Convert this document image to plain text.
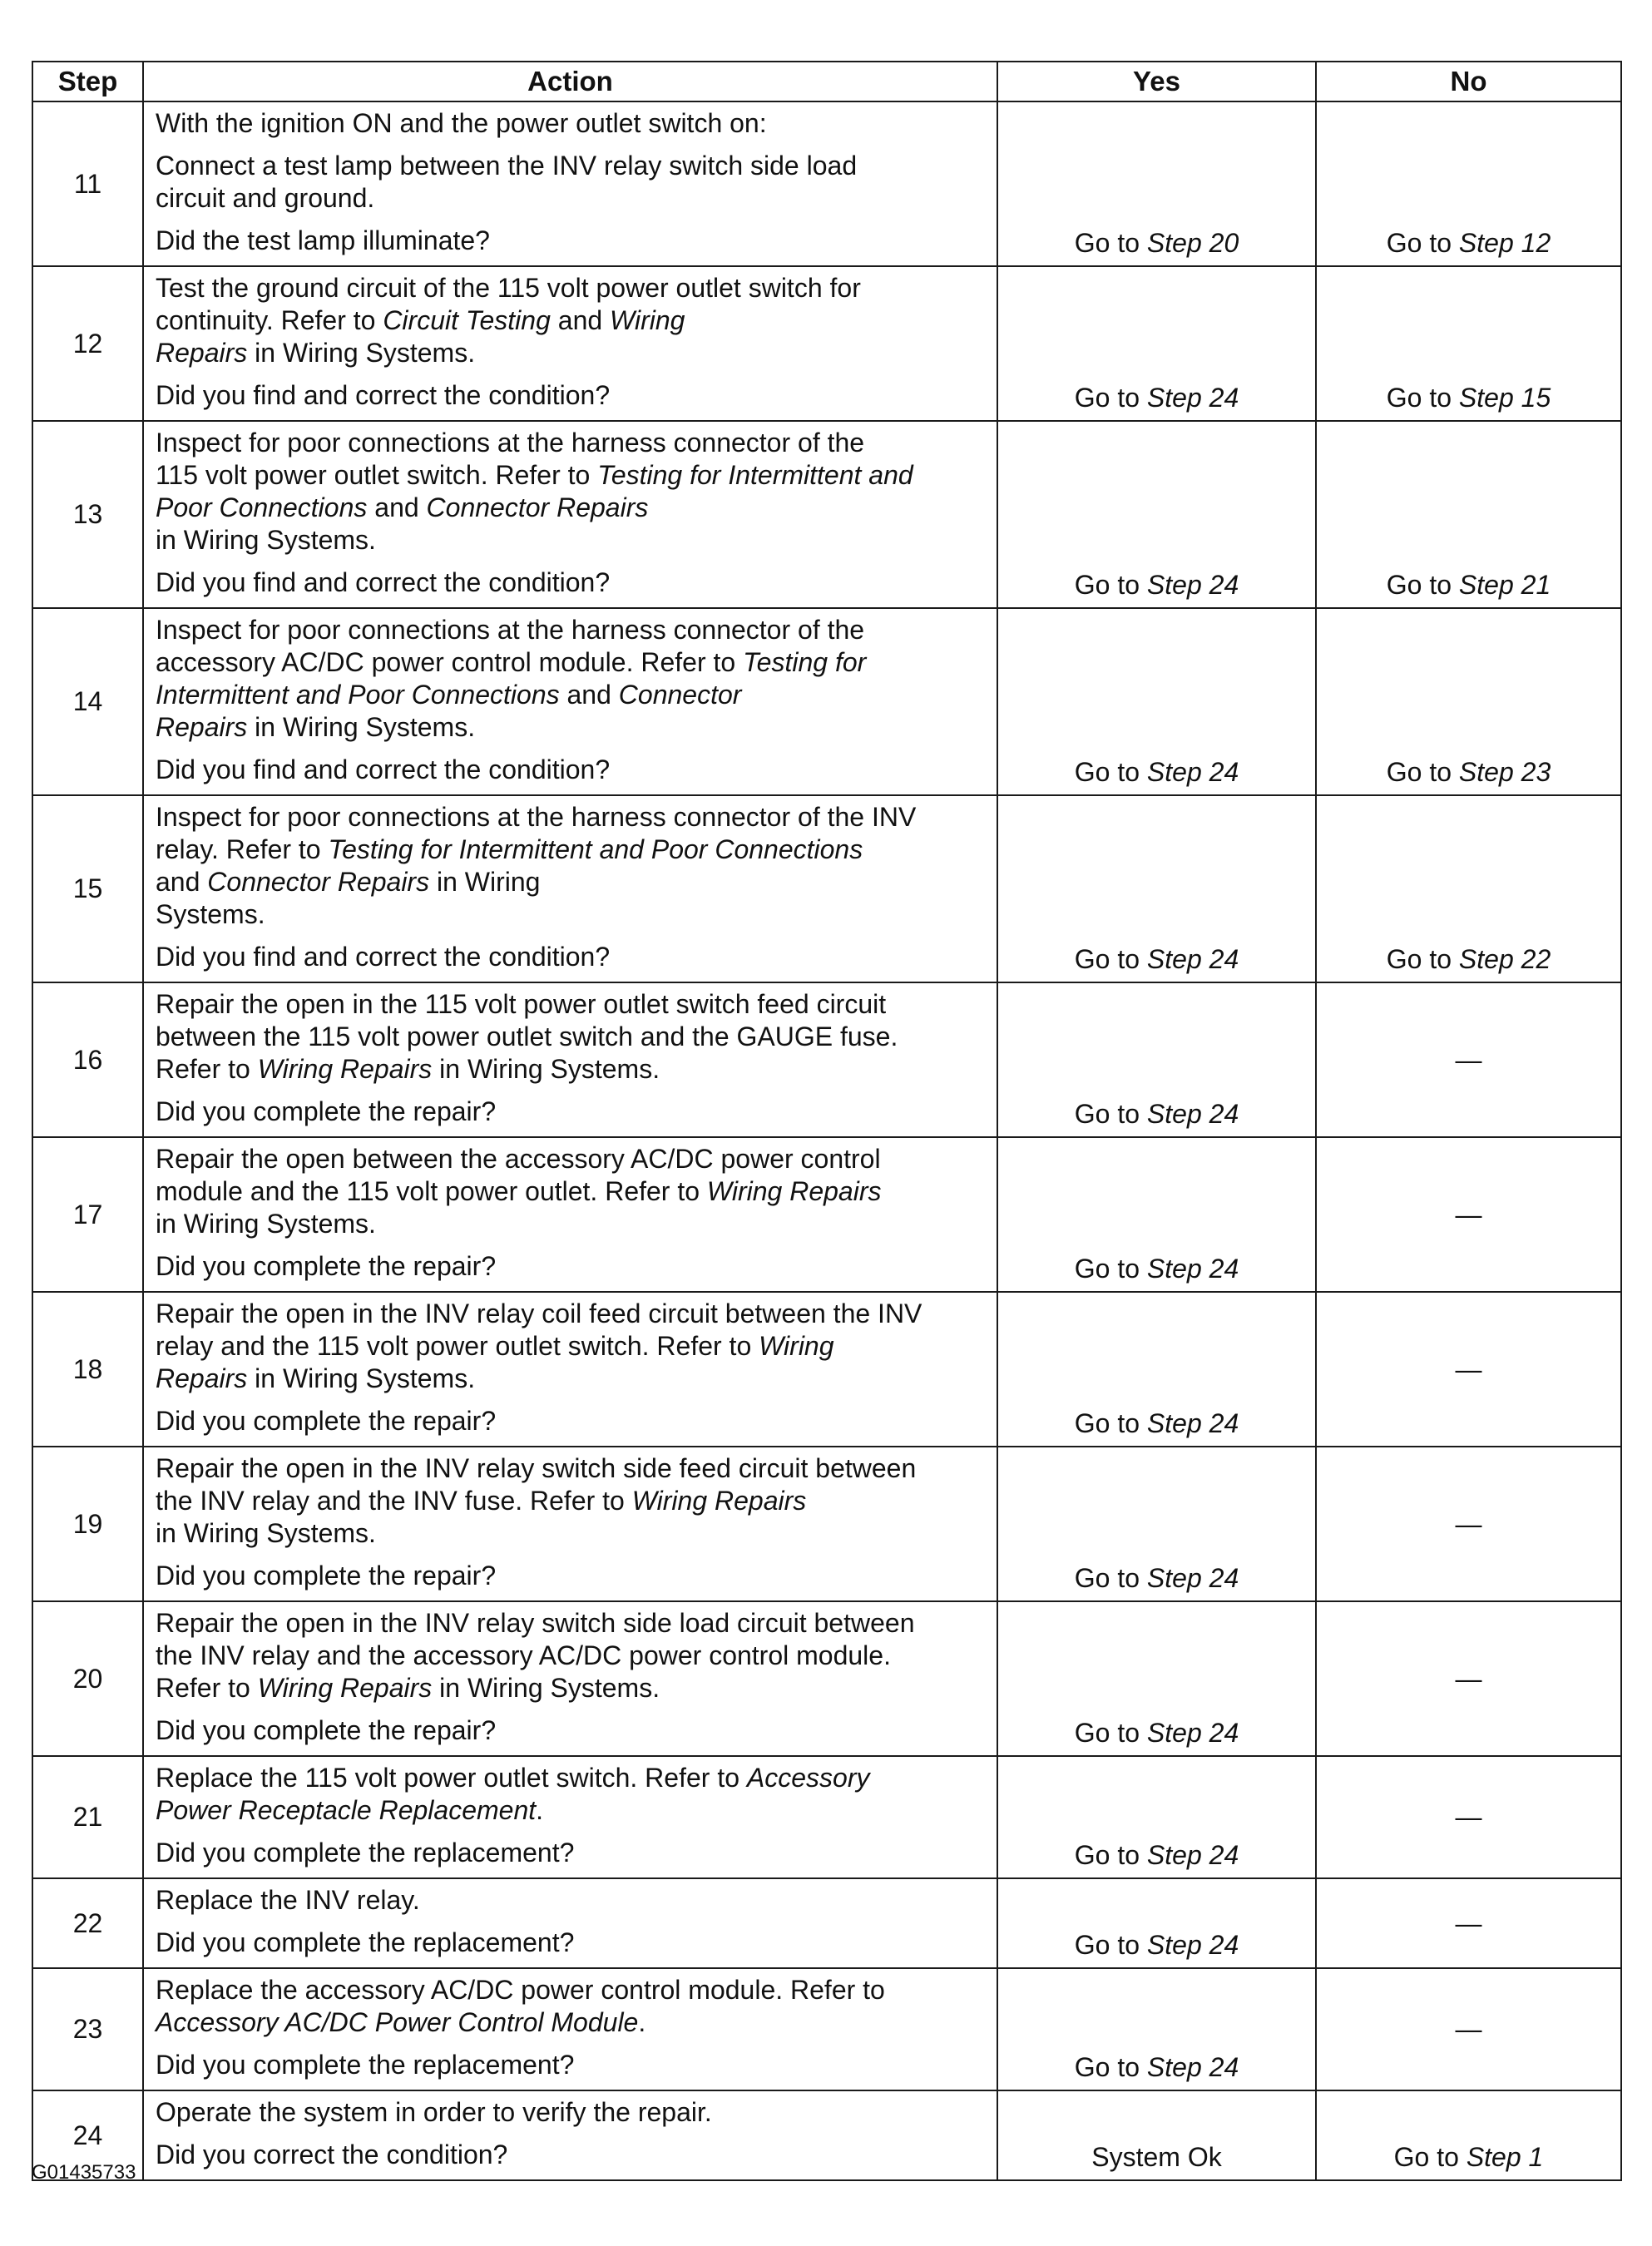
Step	Action	Yes	No
11	With the ignition ON and the power outlet switch on:
Connect a test lamp between the INV relay switch side load
circuit and ground.
Did the test lamp illuminate?	Go to Step 20	Go to Step 12
12	Test the ground circuit of the 115 volt power outlet switch for
continuity. Refer to Circuit Testing and Wiring
Repairs in Wiring Systems.
Did you find and correct the condition?	Go to Step 24	Go to Step 15
13	Inspect for poor connections at the harness connector of the
115 volt power outlet switch. Refer to Testing for Intermittent and
Poor Connections and Connector Repairs
in Wiring Systems.
Did you find and correct the condition?	Go to Step 24	Go to Step 21
14	Inspect for poor connections at the harness connector of the
accessory AC/DC power control module. Refer to Testing for
Intermittent and Poor Connections and Connector
Repairs in Wiring Systems.
Did you find and correct the condition?	Go to Step 24	Go to Step 23
15	Inspect for poor connections at the harness connector of the INV
relay. Refer to Testing for Intermittent and Poor Connections
and Connector Repairs in Wiring
Systems.
Did you find and correct the condition?	Go to Step 24	Go to Step 22
16	Repair the open in the 115 volt power outlet switch feed circuit
between the 115 volt power outlet switch and the GAUGE fuse.
Refer to Wiring Repairs in Wiring Systems.
Did you complete the repair?	Go to Step 24	—
17	Repair the open between the accessory AC/DC power control
module and the 115 volt power outlet. Refer to Wiring Repairs
in Wiring Systems.
Did you complete the repair?	Go to Step 24	—
18	Repair the open in the INV relay coil feed circuit between the INV
relay and the 115 volt power outlet switch. Refer to Wiring
Repairs in Wiring Systems.
Did you complete the repair?	Go to Step 24	—
19	Repair the open in the INV relay switch side feed circuit between
the INV relay and the INV fuse. Refer to Wiring Repairs
in Wiring Systems.
Did you complete the repair?	Go to Step 24	—
20	Repair the open in the INV relay switch side load circuit between
the INV relay and the accessory AC/DC power control module.
Refer to Wiring Repairs in Wiring Systems.
Did you complete the repair?	Go to Step 24	—
21	Replace the 115 volt power outlet switch. Refer to Accessory
Power Receptacle Replacement.
Did you complete the replacement?	Go to Step 24	—
22	Replace the INV relay.
Did you complete the replacement?	Go to Step 24	—
23	Replace the accessory AC/DC power control module. Refer to
Accessory AC/DC Power Control Module.
Did you complete the replacement?	Go to Step 24	—
24	Operate the system in order to verify the repair.
Did you correct the condition?	System Ok	Go to Step 1
G01435733
